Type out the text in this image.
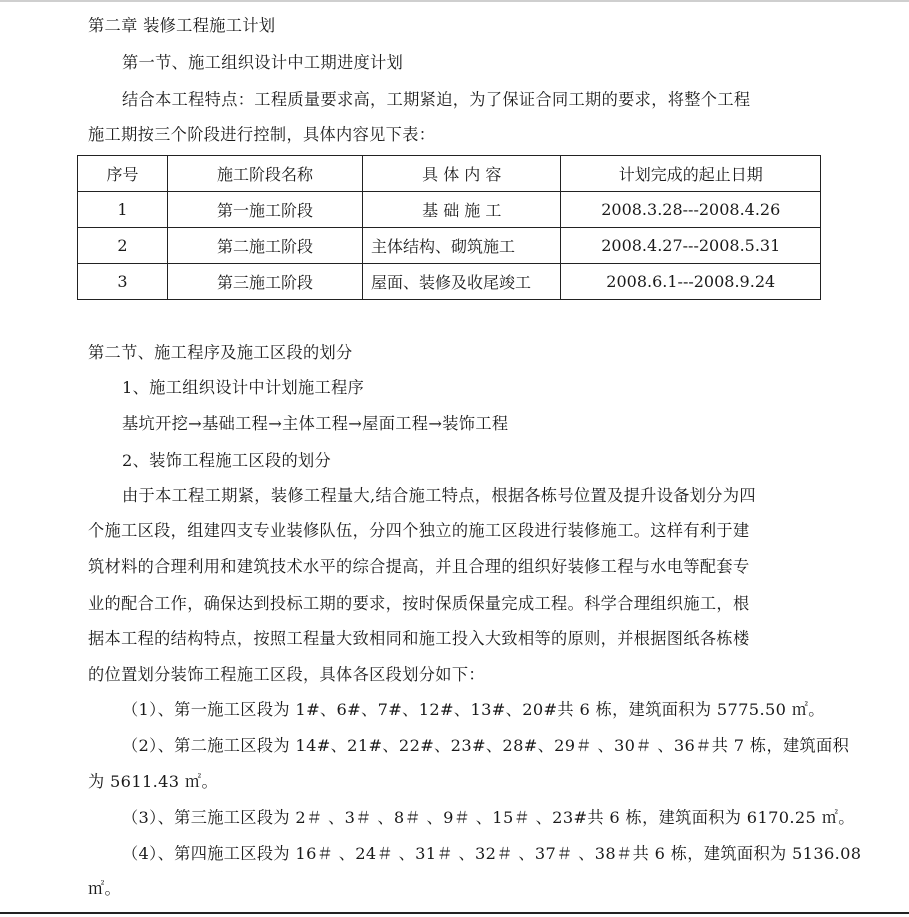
第二章 装修工程施工计划
第一节、施工组织设计中工期进度计划
结合本工程特点：工程质量要求高，工期紧迫，为了保证合同工期的要求，将整个工程
施工期按三个阶段进行控制，具体内容见下表：
序号	施工阶段名称	具 体 内 容	计划完成的起止日期
1	第一施工阶段	基 础 施 工	2008.3.28---2008.4.26
2	第二施工阶段	主体结构、砌筑施工	2008.4.27---2008.5.31
3	第三施工阶段	屋面、装修及收尾竣工	2008.6.1---2008.9.24
第二节、施工程序及施工区段的划分
1、施工组织设计中计划施工程序
基坑开挖→基础工程→主体工程→屋面工程→装饰工程
2、装饰工程施工区段的划分
由于本工程工期紧，装修工程量大,结合施工特点，根据各栋号位置及提升设备划分为四
个施工区段，组建四支专业装修队伍，分四个独立的施工区段进行装修施工。这样有利于建
筑材料的合理利用和建筑技术水平的综合提高，并且合理的组织好装修工程与水电等配套专
业的配合工作，确保达到投标工期的要求，按时保质保量完成工程。科学合理组织施工，根
据本工程的结构特点，按照工程量大致相同和施工投入大致相等的原则，并根据图纸各栋楼
的位置划分装饰工程施工区段，具体各区段划分如下：
（1）、第一施工区段为 1#、6#、7#、12#、13#、20#共 6 栋，建筑面积为 5775.50 ㎡。
（2）、第二施工区段为 14#、21#、22#、23#、28#、29＃ 、30＃ 、36＃共 7 栋，建筑面积
为 5611.43 ㎡。
（3）、第三施工区段为 2＃ 、3＃ 、8＃ 、9＃ 、15＃ 、23#共 6 栋，建筑面积为 6170.25 ㎡。
（4）、第四施工区段为 16＃ 、24＃ 、31＃ 、32＃ 、37＃ 、38＃共 6 栋，建筑面积为 5136.08
㎡。
